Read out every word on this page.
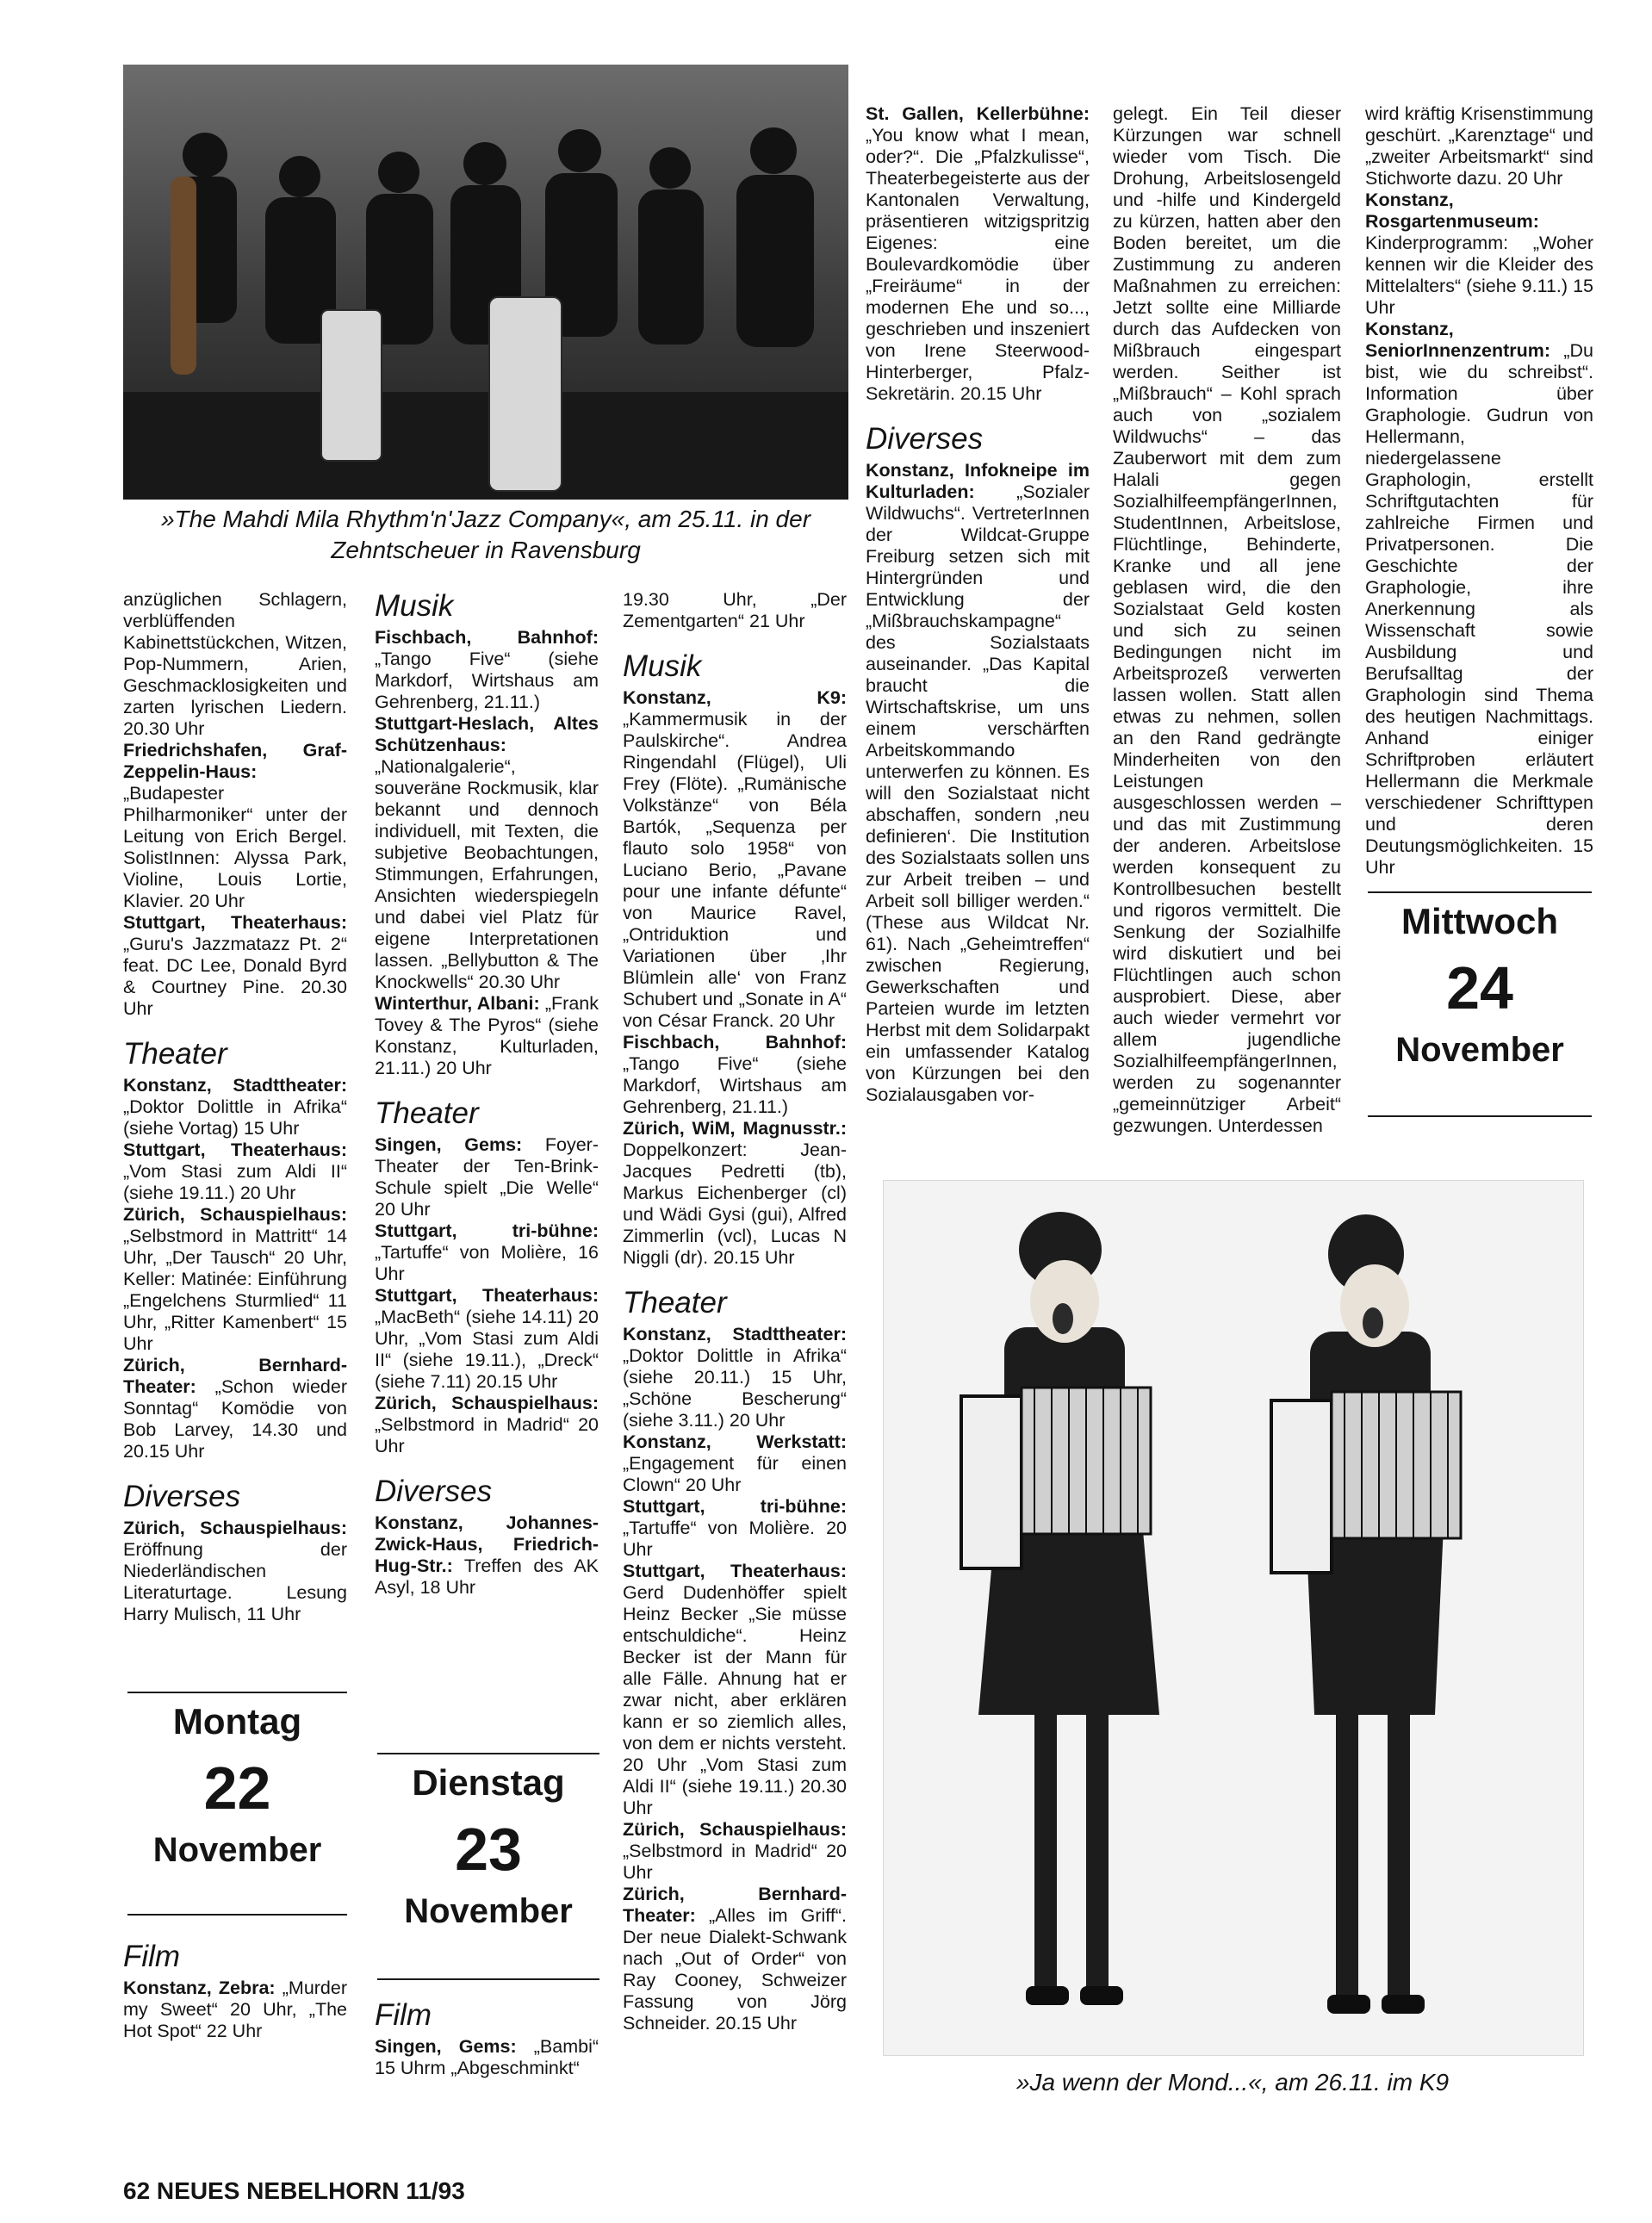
»The Mahdi Mila Rhythm'n'Jazz Company«, am 25.11. in der Zehntscheuer in Ravensburg

anzüglichen Schlagern, verblüffenden Kabinettstückchen, Witzen, Pop-Nummern, Arien, Geschmacklosigkeiten und zarten lyrischen Liedern. 20.30 Uhr

Friedrichshafen, Graf-Zeppelin-Haus: „Budapester Philharmoniker“ unter der Leitung von Erich Bergel. SolistInnen: Alyssa Park, Violine, Louis Lortie, Klavier. 20 Uhr

Stuttgart, Theaterhaus: „Guru's Jazzmatazz Pt. 2“ feat. DC Lee, Donald Byrd & Courtney Pine. 20.30 Uhr

Theater

Konstanz, Stadttheater: „Doktor Dolittle in Afrika“ (siehe Vortag) 15 Uhr

Stuttgart, Theaterhaus: „Vom Stasi zum Aldi II“ (siehe 19.11.) 20 Uhr

Zürich, Schauspielhaus: „Selbstmord in Mattritt“ 14 Uhr, „Der Tausch“ 20 Uhr, Keller: Matinée: Einführung „Engelchens Sturmlied“ 11 Uhr, „Ritter Kamenbert“ 15 Uhr

Zürich, Bernhard-Theater: „Schon wieder Sonntag“ Komödie von Bob Larvey, 14.30 und 20.15 Uhr

Diverses

Zürich, Schauspielhaus: Eröffnung der Niederländischen Literaturtage. Lesung Harry Mulisch, 11 Uhr

Montag
22
November
Film

Konstanz, Zebra: „Murder my Sweet“ 20 Uhr, „The Hot Spot“ 22 Uhr

Musik

Fischbach, Bahnhof: „Tango Five“ (siehe Markdorf, Wirtshaus am Gehrenberg, 21.11.)

Stuttgart-Heslach, Altes Schützenhaus: „Nationalgalerie“, souveräne Rockmusik, klar bekannt und dennoch individuell, mit Texten, die subjetive Beobachtungen, Stimmungen, Erfahrungen, Ansichten wiederspiegeln und dabei viel Platz für eigene Interpretationen lassen. „Bellybutton & The Knockwells“ 20.30 Uhr

Winterthur, Albani: „Frank Tovey & The Pyros“ (siehe Konstanz, Kulturladen, 21.11.) 20 Uhr

Theater

Singen, Gems: Foyer-Theater der Ten-Brink-Schule spielt „Die Welle“ 20 Uhr

Stuttgart, tri-bühne: „Tartuffe“ von Molière, 16 Uhr

Stuttgart, Theaterhaus: „MacBeth“ (siehe 14.11) 20 Uhr, „Vom Stasi zum Aldi II“ (siehe 19.11.), „Dreck“ (siehe 7.11) 20.15 Uhr

Zürich, Schauspielhaus: „Selbstmord in Madrid“ 20 Uhr

Diverses

Konstanz, Johannes-Zwick-Haus, Friedrich-Hug-Str.: Treffen des AK Asyl, 18 Uhr

Dienstag
23
November
Film

Singen, Gems: „Bambi“ 15 Uhrm „Abgeschminkt“

19.30 Uhr, „Der Zementgarten“ 21 Uhr

Musik

Konstanz, K9: „Kammermusik in der Paulskirche“. Andrea Ringendahl (Flügel), Uli Frey (Flöte). „Rumänische Volkstänze“ von Béla Bartók, „Sequenza per flauto solo 1958“ von Luciano Berio, „Pavane pour une infante défunte“ von Maurice Ravel, „Ontriduktion und Variationen über ‚Ihr Blümlein alle‘ von Franz Schubert und „Sonate in A“ von César Franck. 20 Uhr

Fischbach, Bahnhof: „Tango Five“ (siehe Markdorf, Wirtshaus am Gehrenberg, 21.11.)

Zürich, WiM, Magnusstr.: Doppelkonzert: Jean-Jacques Pedretti (tb), Markus Eichenberger (cl) und Wädi Gysi (gui), Alfred Zimmerlin (vcl), Lucas N Niggli (dr). 20.15 Uhr

Theater

Konstanz, Stadttheater: „Doktor Dolittle in Afrika“ (siehe 20.11.) 15 Uhr,„Schöne Bescherung“ (siehe 3.11.) 20 Uhr

Konstanz, Werkstatt: „Engagement für einen Clown“ 20 Uhr

Stuttgart, tri-bühne: „Tartuffe“ von Molière. 20 Uhr

Stuttgart, Theaterhaus: Gerd Dudenhöffer spielt Heinz Becker „Sie müsse entschuldiche“. Heinz Becker ist der Mann für alle Fälle. Ahnung hat er zwar nicht, aber erklären kann er so ziemlich alles, von dem er nichts versteht. 20 Uhr „Vom Stasi zum Aldi II“ (siehe 19.11.) 20.30 Uhr

Zürich, Schauspielhaus: „Selbstmord in Madrid“ 20 Uhr

Zürich, Bernhard-Theater: „Alles im Griff“. Der neue Dialekt-Schwank nach „Out of Order“ von Ray Cooney, Schweizer Fassung von Jörg Schneider. 20.15 Uhr

St. Gallen, Kellerbühne: „You know what I mean, oder?“. Die „Pfalzkulisse“, Theaterbegeisterte aus der Kantonalen Verwaltung, präsentieren witzigspritzig Eigenes: eine Boulevardkomödie über „Freiräume“ in der modernen Ehe und so..., geschrieben und inszeniert von Irene Steerwood-Hinterberger, Pfalz-Sekretärin. 20.15 Uhr

Diverses

Konstanz, Infokneipe im Kulturladen: „Sozialer Wildwuchs“. VertreterInnen der Wildcat-Gruppe Freiburg setzen sich mit Hintergründen und Entwicklung der „Mißbrauchskampagne“ des Sozialstaats auseinander. „Das Kapital braucht die Wirtschaftskrise, um uns einem verschärften Arbeitskommando unterwerfen zu können. Es will den Sozialstaat nicht abschaffen, sondern ‚neu definieren‘. Die Institution des Sozialstaats sollen uns zur Arbeit treiben – und Arbeit soll billiger werden.“ (These aus Wildcat Nr. 61). Nach „Geheimtreffen“ zwischen Regierung, Gewerkschaften und Parteien wurde im letzten Herbst mit dem Solidarpakt ein umfassender Katalog von Kürzungen bei den Sozialausgaben vor-

gelegt. Ein Teil dieser Kürzungen war schnell wieder vom Tisch. Die Drohung, Arbeitslosengeld und -hilfe und Kindergeld zu kürzen, hatten aber den Boden bereitet, um die Zustimmung zu anderen Maßnahmen zu erreichen: Jetzt sollte eine Milliarde durch das Aufdecken von Mißbrauch eingespart werden. Seither ist „Mißbrauch“ – Kohl sprach auch von „sozialem Wildwuchs“ – das Zauberwort mit dem zum Halali gegen SozialhilfeempfängerInnen, StudentInnen, Arbeitslose, Flüchtlinge, Behinderte, Kranke und all jene geblasen wird, die den Sozialstaat Geld kosten und sich zu seinen Bedingungen nicht im Arbeitsprozeß verwerten lassen wollen. Statt allen etwas zu nehmen, sollen an den Rand gedrängte Minderheiten von den Leistungen ausgeschlossen werden – und das mit Zustimmung der anderen. Arbeitslose werden konsequent zu Kontrollbesuchen bestellt und rigoros vermittelt. Die Senkung der Sozialhilfe wird diskutiert und bei Flüchtlingen auch schon ausprobiert. Diese, aber auch wieder vermehrt vor allem jugendliche SozialhilfeempfängerInnen, werden zu sogenannter „gemeinnütziger Arbeit“ gezwungen. Unterdessen

wird kräftig Krisenstimmung geschürt. „Karenztage“ und „zweiter Arbeitsmarkt“ sind Stichworte dazu. 20 Uhr

Konstanz, Rosgartenmuseum: Kinderprogramm: „Woher kennen wir die Kleider des Mittelalters“ (siehe 9.11.) 15 Uhr

Konstanz, SeniorInnenzentrum: „Du bist, wie du schreibst“. Information über Graphologie. Gudrun von Hellermann, niedergelassene Graphologin, erstellt Schriftgutachten für zahlreiche Firmen und Privatpersonen. Die Geschichte der Graphologie, ihre Anerkennung als Wissenschaft sowie Ausbildung und Berufsalltag der Graphologin sind Thema des heutigen Nachmittags. Anhand einiger Schriftproben erläutert Hellermann die Merkmale verschiedener Schrifttypen und deren Deutungsmöglichkeiten. 15 Uhr

Mittwoch
24
November
»Ja wenn der Mond...«, am 26.11. im K9
62 NEUES NEBELHORN 11/93
